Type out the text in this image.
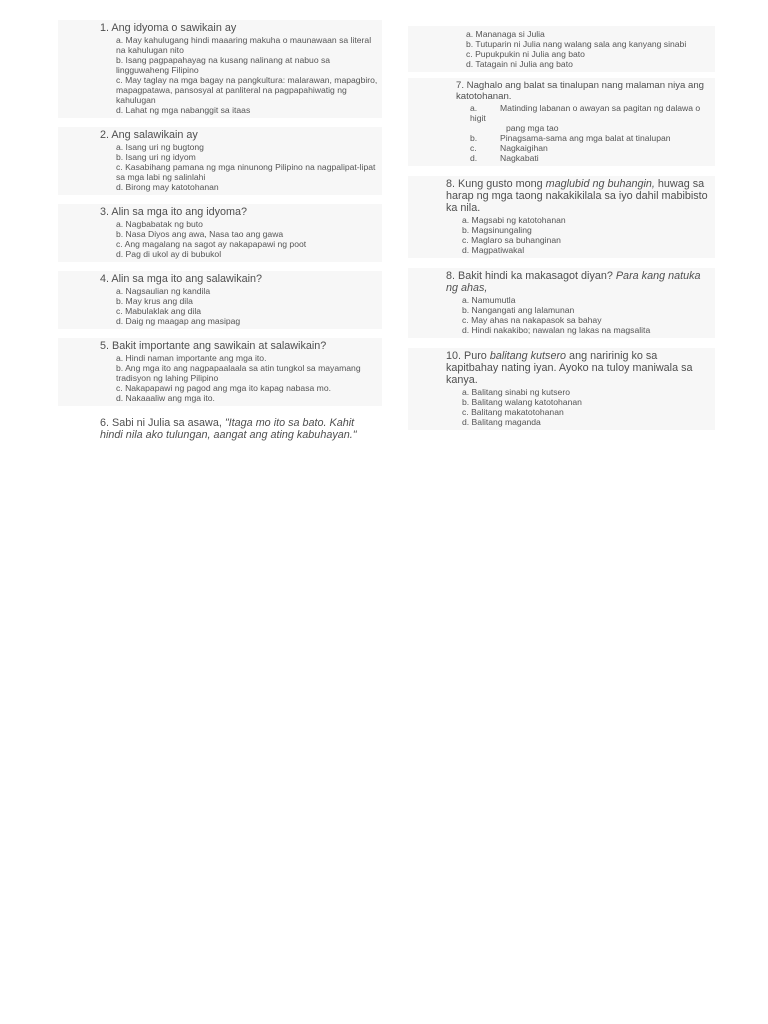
1. Ang idyoma o sawikain ay
a. May kahulugang hindi maaaring makuha o maunawaan sa literal na kahulugan nito
b. Isang pagpapahayag na kusang nalinang at nabuo sa lingguwaheng Filipino
c. May taglay na mga bagay na pangkultura: malarawan, mapagbiro, mapagpatawa, pansosyal at panliteral na pagpapahiwatig ng kahulugan
d. Lahat ng mga nabanggit sa itaas
2. Ang salawikain ay
a. Isang uri ng bugtong
b. Isang uri ng idyom
c. Kasabihang pamana ng mga ninunong Pilipino na nagpalipat-lipat sa mga labi ng salinlahi
d. Birong may katotohanan
3. Alin sa mga ito ang idyoma?
a. Nagbabatak ng buto
b. Nasa Diyos ang awa, Nasa tao ang gawa
c. Ang magalang na sagot ay nakapapawi ng poot
d. Pag di ukol ay di bubukol
4. Alin sa mga ito ang salawikain?
a. Nagsaulian ng kandila
b. May krus ang dila
c. Mabulaklak ang dila
d. Daig ng maagap ang masipag
5. Bakit importante ang sawikain at salawikain?
a. Hindi naman importante ang mga ito.
b. Ang mga ito ang nagpapaalaala sa atin tungkol sa mayamang tradisyon ng lahing Pilipino
c. Nakapapawi ng pagod ang mga ito kapag nabasa mo.
d. Nakaaaliw ang mga ito.
6. Sabi ni Julia sa asawa, "Itaga mo ito sa bato. Kahit hindi nila ako tulungan, aangat ang ating kabuhayan."
a. Mananaga si Julia
b. Tutuparin ni Julia nang walang sala ang kanyang sinabi
c. Pupukpukin ni Julia ang bato
d. Tatagain ni Julia ang bato
7. Naghalo ang balat sa tinalupan nang malaman niya ang katotohanan.
a.	Matinding labanan o awayan sa pagitan ng dalawa o higit
pang mga tao
b.	Pinagsama-sama ang mga balat at tinalupan
c.	Nagkaigihan
d.	Nagkabati
8. Kung gusto mong maglubid ng buhangin, huwag sa harap ng mga taong nakakikilala sa iyo dahil mabibisto ka nila.
a. Magsabi ng katotohanan
b. Magsinungaling
c. Maglaro sa buhanginan
d. Magpatiwakal
8. Bakit hindi ka makasagot diyan? Para kang natuka ng ahas,
a. Namumutla
b. Nangangati ang lalamunan
c. May ahas na nakapasok sa bahay
d. Hindi nakakibo; nawalan ng lakas na magsalita
10. Puro balitang kutsero ang naririnig ko sa kapitbahay nating iyan. Ayoko na tuloy maniwala sa kanya.
a. Balitang sinabi ng kutsero
b. Balitang walang katotohanan
c. Balitang makatotohanan
d. Balitang maganda
